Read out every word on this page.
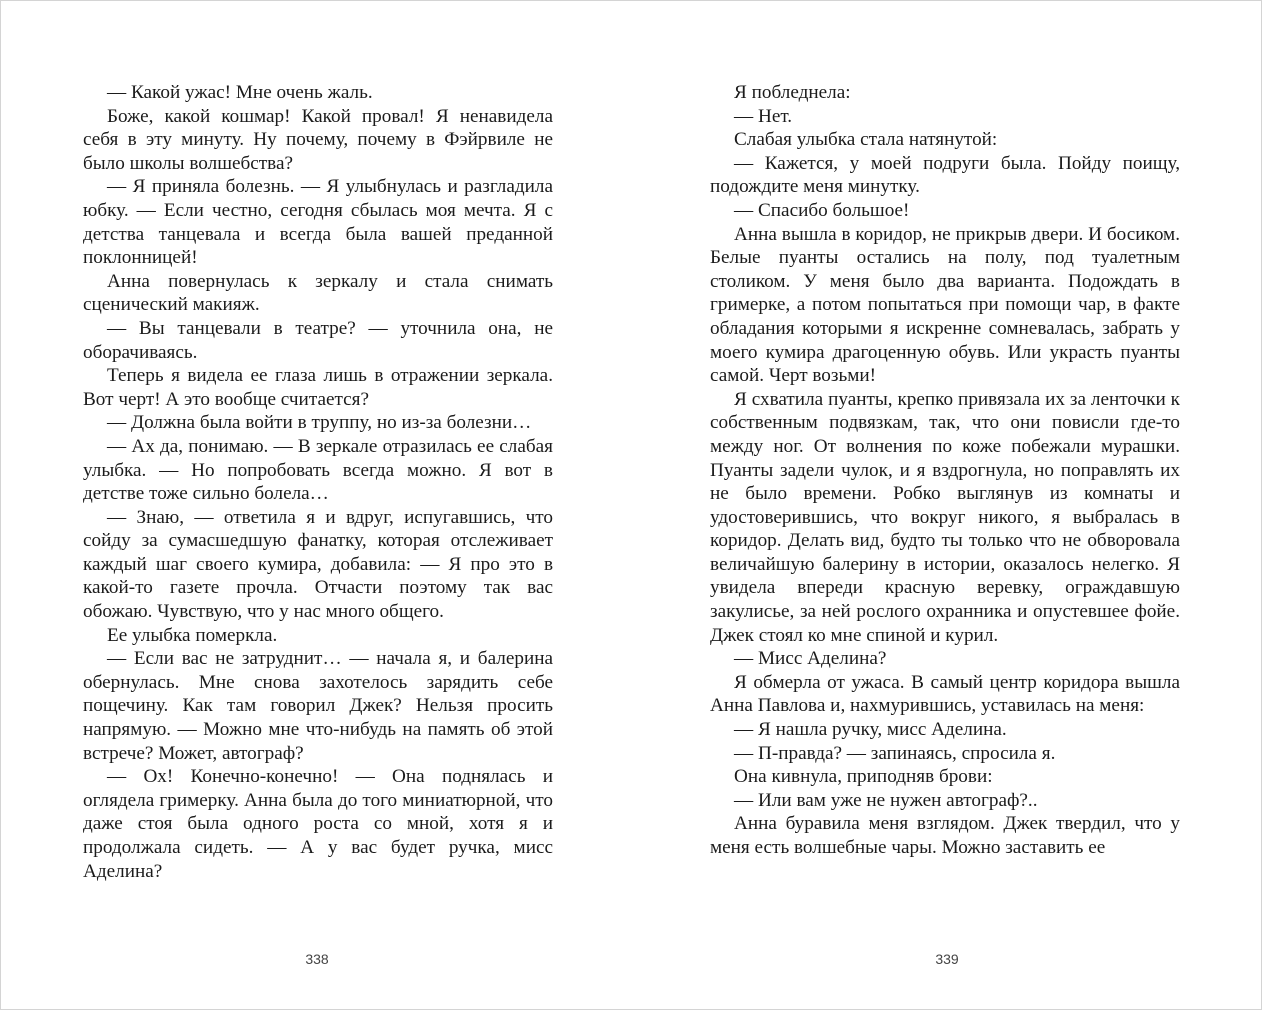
— Какой ужас! Мне очень жаль.

Боже, какой кошмар! Какой провал! Я ненавидела себя в эту минуту. Ну почему, почему в Фэйрвиле не было школы волшебства?

— Я приняла болезнь. — Я улыбнулась и разгладила юбку. — Если честно, сегодня сбылась моя мечта. Я с детства танцевала и всегда была вашей преданной поклонницей!

Анна повернулась к зеркалу и стала снимать сценический макияж.

— Вы танцевали в театре? — уточнила она, не оборачиваясь.

Теперь я видела ее глаза лишь в отражении зеркала. Вот черт! А это вообще считается?

— Должна была войти в труппу, но из-за болезни…

— Ах да, понимаю. — В зеркале отразилась ее слабая улыбка. — Но попробовать всегда можно. Я вот в детстве тоже сильно болела…

— Знаю, — ответила я и вдруг, испугавшись, что сойду за сумасшедшую фанатку, которая отслеживает каждый шаг своего кумира, добавила: — Я про это в какой-то газете прочла. Отчасти поэтому так вас обожаю. Чувствую, что у нас много общего.

Ее улыбка померкла.

— Если вас не затруднит… — начала я, и балерина обернулась. Мне снова захотелось зарядить себе пощечину. Как там говорил Джек? Нельзя просить напрямую. — Можно мне что-нибудь на память об этой встрече? Может, автограф?

— Ох! Конечно-конечно! — Она поднялась и оглядела гримерку. Анна была до того миниатюрной, что даже стоя была одного роста со мной, хотя я и продолжала сидеть. — А у вас будет ручка, мисс Аделина?

Я побледнела:

— Нет.

Слабая улыбка стала натянутой:

— Кажется, у моей подруги была. Пойду поищу, подождите меня минутку.

— Спасибо большое!

Анна вышла в коридор, не прикрыв двери. И босиком. Белые пуанты остались на полу, под туалетным столиком. У меня было два варианта. Подождать в гримерке, а потом попытаться при помощи чар, в факте обладания которыми я искренне сомневалась, забрать у моего кумира драгоценную обувь. Или украсть пуанты самой. Черт возьми!

Я схватила пуанты, крепко привязала их за ленточки к собственным подвязкам, так, что они повисли где-то между ног. От волнения по коже побежали мурашки. Пуанты задели чулок, и я вздрогнула, но поправлять их не было времени. Робко выглянув из комнаты и удостоверившись, что вокруг никого, я выбралась в коридор. Делать вид, будто ты только что не обворовала величайшую балерину в истории, оказалось нелегко. Я увидела впереди красную веревку, ограждавшую закулисье, за ней рослого охранника и опустевшее фойе. Джек стоял ко мне спиной и курил.

— Мисс Аделина?

Я обмерла от ужаса. В самый центр коридора вышла Анна Павлова и, нахмурившись, уставилась на меня:

— Я нашла ручку, мисс Аделина.

— П-правда? — запинаясь, спросила я.

Она кивнула, приподняв брови:

— Или вам уже не нужен автограф?..

Анна буравила меня взглядом. Джек твердил, что у меня есть волшебные чары. Можно заставить ее

338	339
